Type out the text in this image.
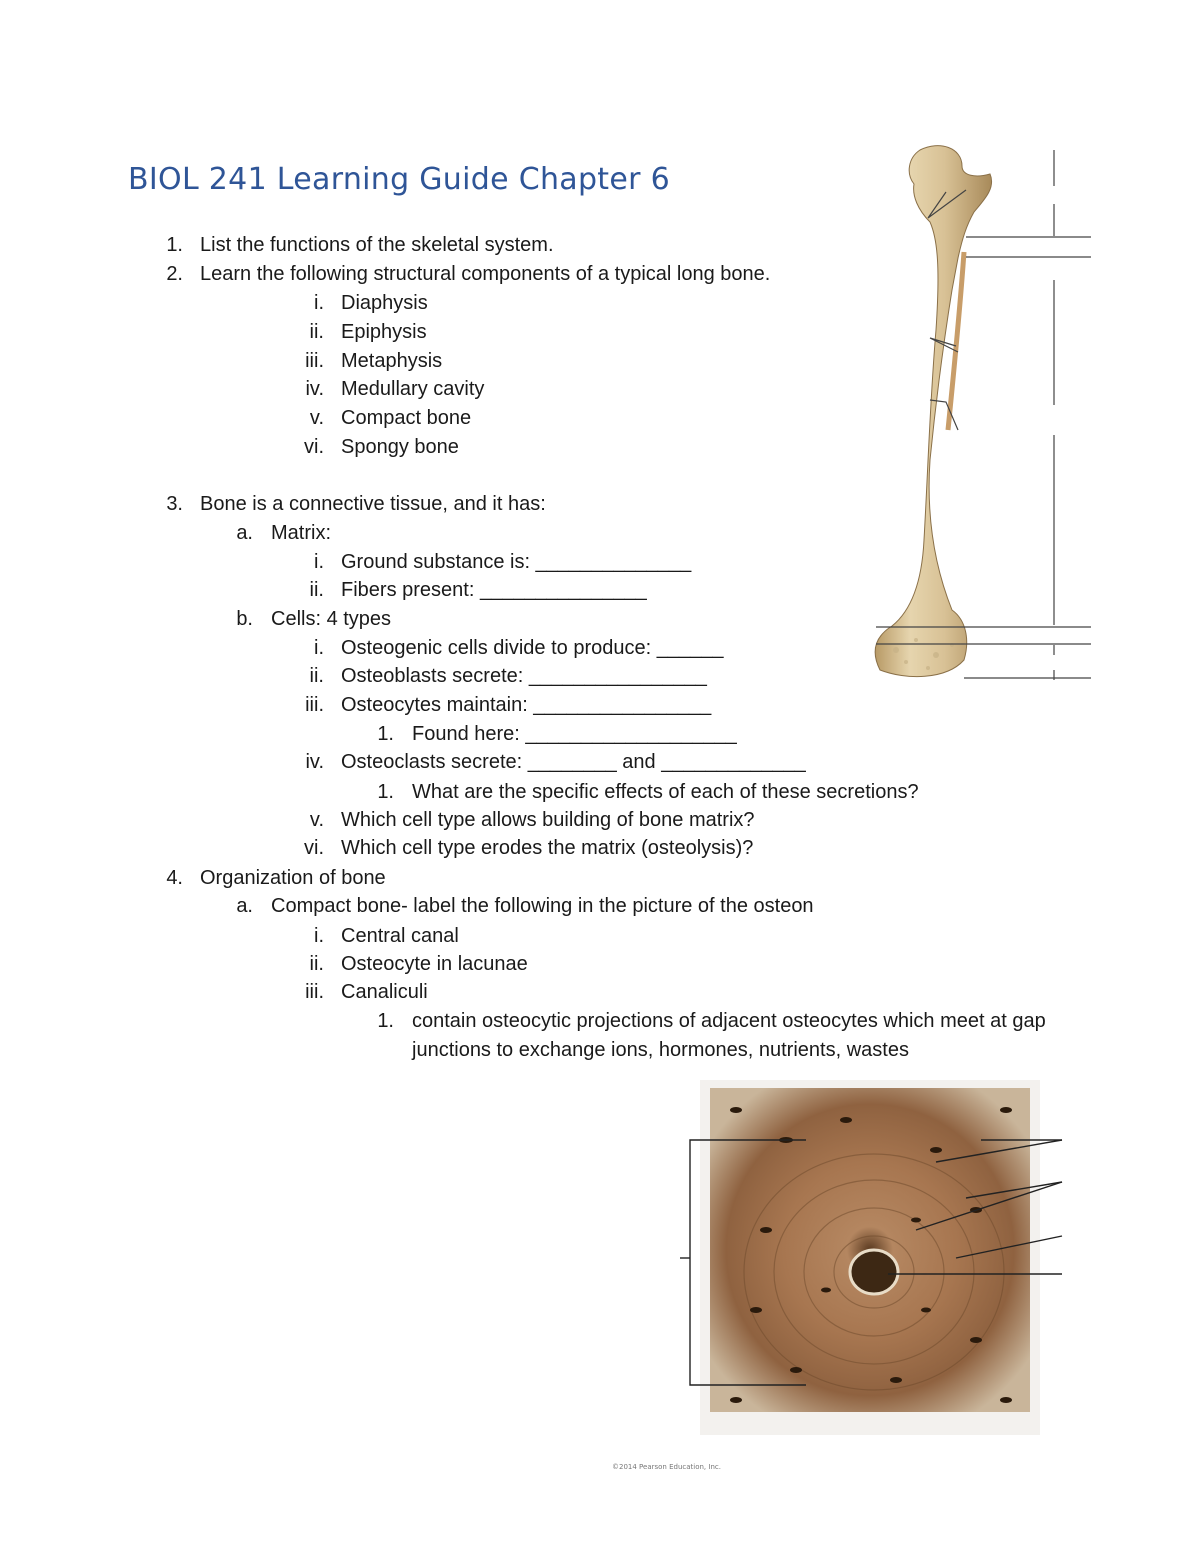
BIOL 241 Learning Guide Chapter 6
1. List the functions of the skeletal system.
2. Learn the following structural components of a typical long bone.
i. Diaphysis
ii. Epiphysis
iii. Metaphysis
iv. Medullary cavity
v. Compact bone
vi. Spongy bone
3. Bone is a connective tissue, and it has:
a. Matrix:
i. Ground substance is: ______________
ii. Fibers present: _______________
b. Cells: 4 types
i. Osteogenic cells divide to produce: ______
ii. Osteoblasts secrete: ________________
iii. Osteocytes maintain: ________________
1. Found here: ___________________
iv. Osteoclasts secrete: ________ and _____________
1. What are the specific effects of each of these secretions?
v. Which cell type allows building of bone matrix?
vi. Which cell type erodes the matrix (osteolysis)?
4. Organization of bone
a. Compact bone- label the following in the picture of the osteon
i. Central canal
ii. Osteocyte in lacunae
iii. Canaliculi
1. contain osteocytic projections of adjacent osteocytes which meet at gap junctions to exchange ions, hormones, nutrients, wastes
©2014 Pearson Education, Inc.
